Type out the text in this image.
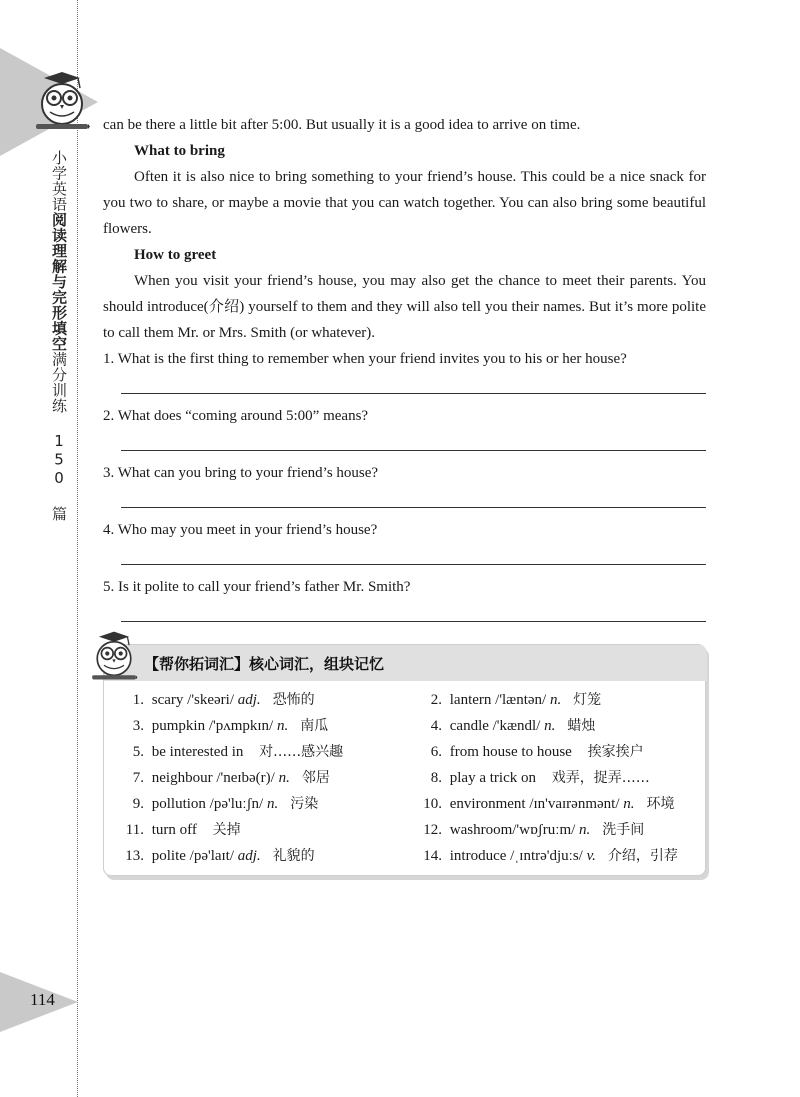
小学英语阅读理解与完形填空满分训练 150 篇
114

can be there a little bit after 5:00. But usually it is a good idea to arrive on time.

What to bring

Often it is also nice to bring something to your friend’s house. This could be a nice snack for you two to share, or maybe a movie that you can watch together. You can also bring some beautiful flowers.

How to greet

When you visit your friend’s house, you may also get the chance to meet their parents. You should introduce(介绍) yourself to them and they will also tell you their names. But it’s more polite to call them Mr. or Mrs. Smith (or whatever).

1. What is the first thing to remember when your friend invites you to his or her house?
2. What does “coming around 5:00” means?
3. What can you bring to your friend’s house?
4. Who may you meet in your friend’s house?
5. Is it polite to call your friend’s father Mr. Smith?
【帮你拓词汇】核心词汇，组块记忆
1. scary /'skeəri/ adj. 恐怖的	2. lantern /'læntən/ n. 灯笼
3. pumpkin /'pʌmpkɪn/ n. 南瓜	4. candle /'kændl/ n. 蜡烛
5. be interested in 对……感兴趣	6. from house to house 挨家挨户
7. neighbour /'neɪbə(r)/ n. 邻居	8. play a trick on 戏弄，捉弄……
9. pollution /pə'luːʃn/ n. 污染	10. environment /ɪn'vaɪrənmənt/ n. 环境
11. turn off 关掉	12. washroom/'wɒʃruːm/ n. 洗手间
13. polite /pə'laɪt/ adj. 礼貌的	14. introduce /ˌɪntrə'djuːs/ v. 介绍，引荐
